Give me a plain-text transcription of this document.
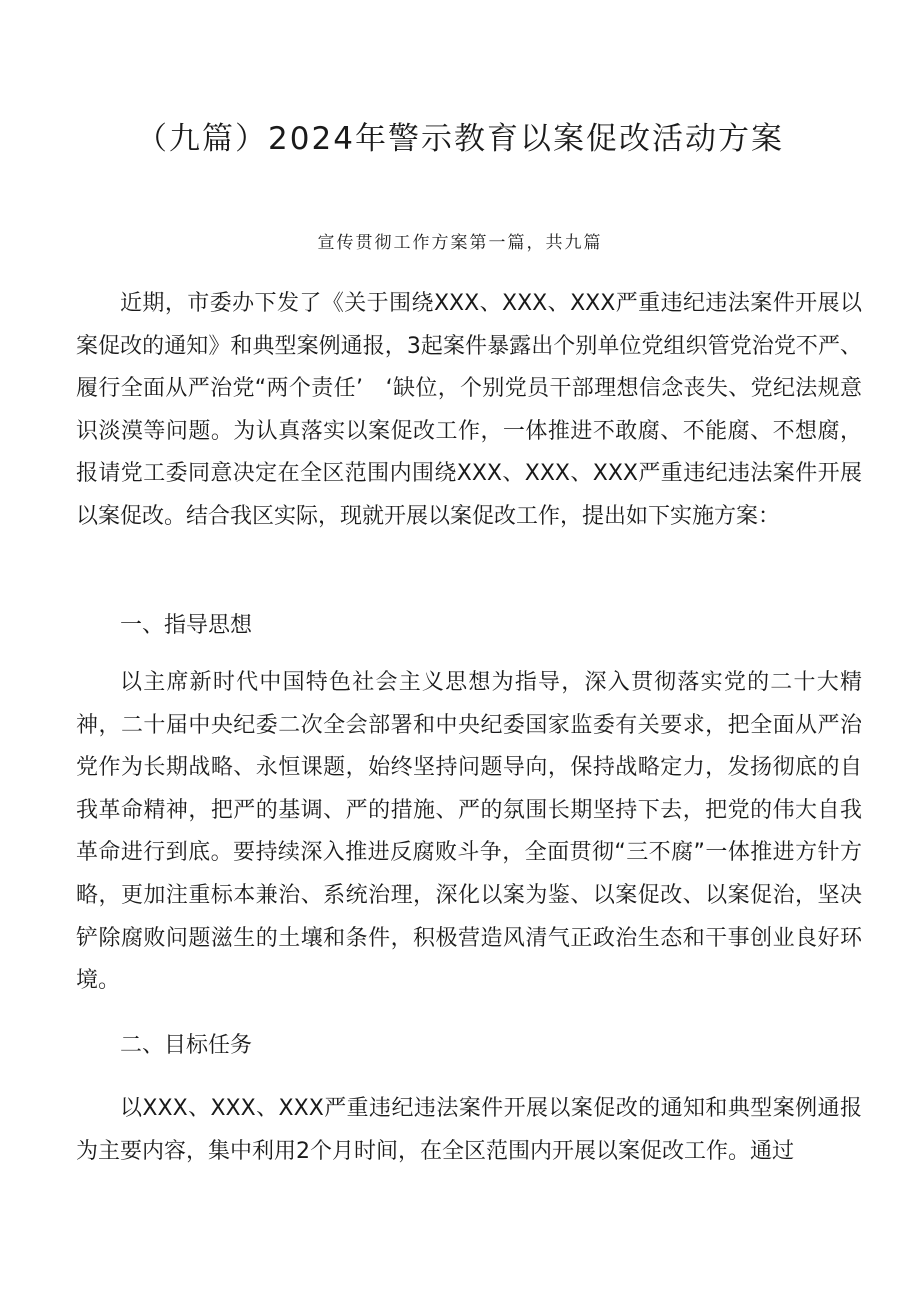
（九篇）2024年警示教育以案促改活动方案

宣传贯彻工作方案第一篇，共九篇

近期，市委办下发了《关于围绕XXX、XXX、XXX严重违纪违法案件开展以案促改的通知》和典型案例通报，3起案件暴露出个别单位党组织管党治党不严、履行全面从严治党“两个责任’　‘缺位，个别党员干部理想信念丧失、党纪法规意识淡漠等问题。为认真落实以案促改工作，一体推进不敢腐、不能腐、不想腐，报请党工委同意决定在全区范围内围绕XXX、XXX、XXX严重违纪违法案件开展以案促改。结合我区实际，现就开展以案促改工作，提出如下实施方案：

一、指导思想

以主席新时代中国特色社会主义思想为指导，深入贯彻落实党的二十大精神，二十届中央纪委二次全会部署和中央纪委国家监委有关要求，把全面从严治党作为长期战略、永恒课题，始终坚持问题导向，保持战略定力，发扬彻底的自我革命精神，把严的基调、严的措施、严的氛围长期坚持下去，把党的伟大自我革命进行到底。要持续深入推进反腐败斗争，全面贯彻“三不腐”一体推进方针方略，更加注重标本兼治、系统治理，深化以案为鉴、以案促改、以案促治，坚决铲除腐败问题滋生的土壤和条件，积极营造风清气正政治生态和干事创业良好环境。

二、目标任务

以XXX、XXX、XXX严重违纪违法案件开展以案促改的通知和典型案例通报为主要内容，集中利用2个月时间，在全区范围内开展以案促改工作。通过
